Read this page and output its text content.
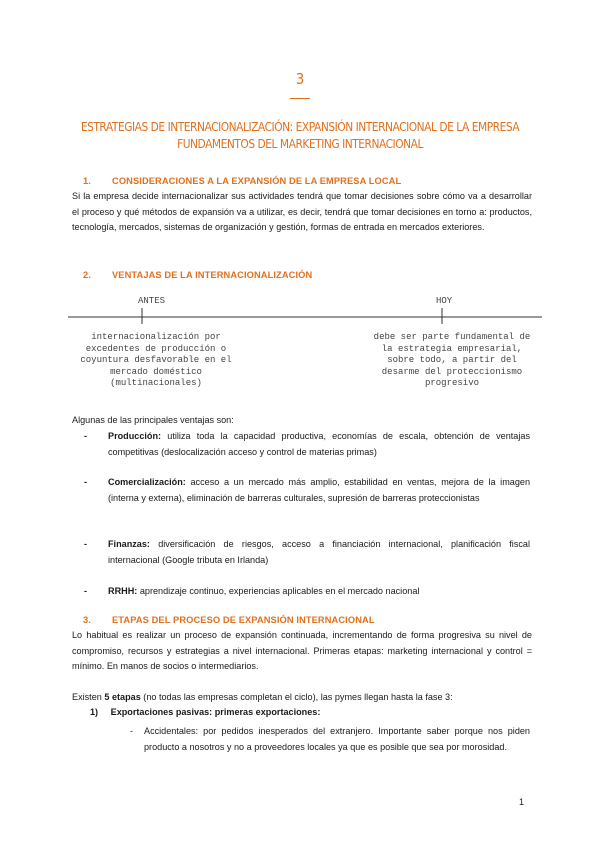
3
ESTRATEGIAS DE INTERNACIONALIZACIÓN: EXPANSIÓN INTERNACIONAL DE LA EMPRESA
FUNDAMENTOS DEL MARKETING INTERNACIONAL
1. CONSIDERACIONES A LA EXPANSIÓN DE LA EMPRESA LOCAL

Si la empresa decide internacionalizar sus actividades tendrá que tomar decisiones sobre cómo va a desarrollar el proceso y qué métodos de expansión va a utilizar, es decir, tendrá que tomar decisiones en torno a: productos, tecnología, mercados, sistemas de organización y gestión, formas de entrada en mercados exteriores.

2. VENTAJAS DE LA INTERNACIONALIZACIÓN
ANTES	HOY
internacionalización por
excedentes de producción o
coyuntura desfavorable en el
mercado doméstico
(multinacionales)
debe ser parte fundamental de
la estrategia empresarial,
sobre todo, a partir del
desarme del proteccionismo
progresivo

Algunas de las principales ventajas son:

- Producción: utiliza toda la capacidad productiva, economías de escala, obtención de ventajas competitivas (deslocalización acceso y control de materias primas)
- Comercialización: acceso a un mercado más amplio, estabilidad en ventas, mejora de la imagen (interna y externa), eliminación de barreras culturales, supresión de barreras proteccionistas
- Finanzas: diversificación de riesgos, acceso a financiación internacional, planificación fiscal internacional (Google tributa en Irlanda)
- RRHH: aprendizaje continuo, experiencias aplicables en el mercado nacional
3. ETAPAS DEL PROCESO DE EXPANSIÓN INTERNACIONAL

Lo habitual es realizar un proceso de expansión continuada, incrementando de forma progresiva su nivel de compromiso, recursos y estrategias a nivel internacional. Primeras etapas: marketing internacional y control = mínimo. En manos de socios o intermediarios.

Existen 5 etapas (no todas las empresas completan el ciclo), las pymes llegan hasta la fase 3:

1) Exportaciones pasivas: primeras exportaciones:
- Accidentales: por pedidos inesperados del extranjero. Importante saber porque nos piden producto a nosotros y no a proveedores locales ya que es posible que sea por morosidad.
1
